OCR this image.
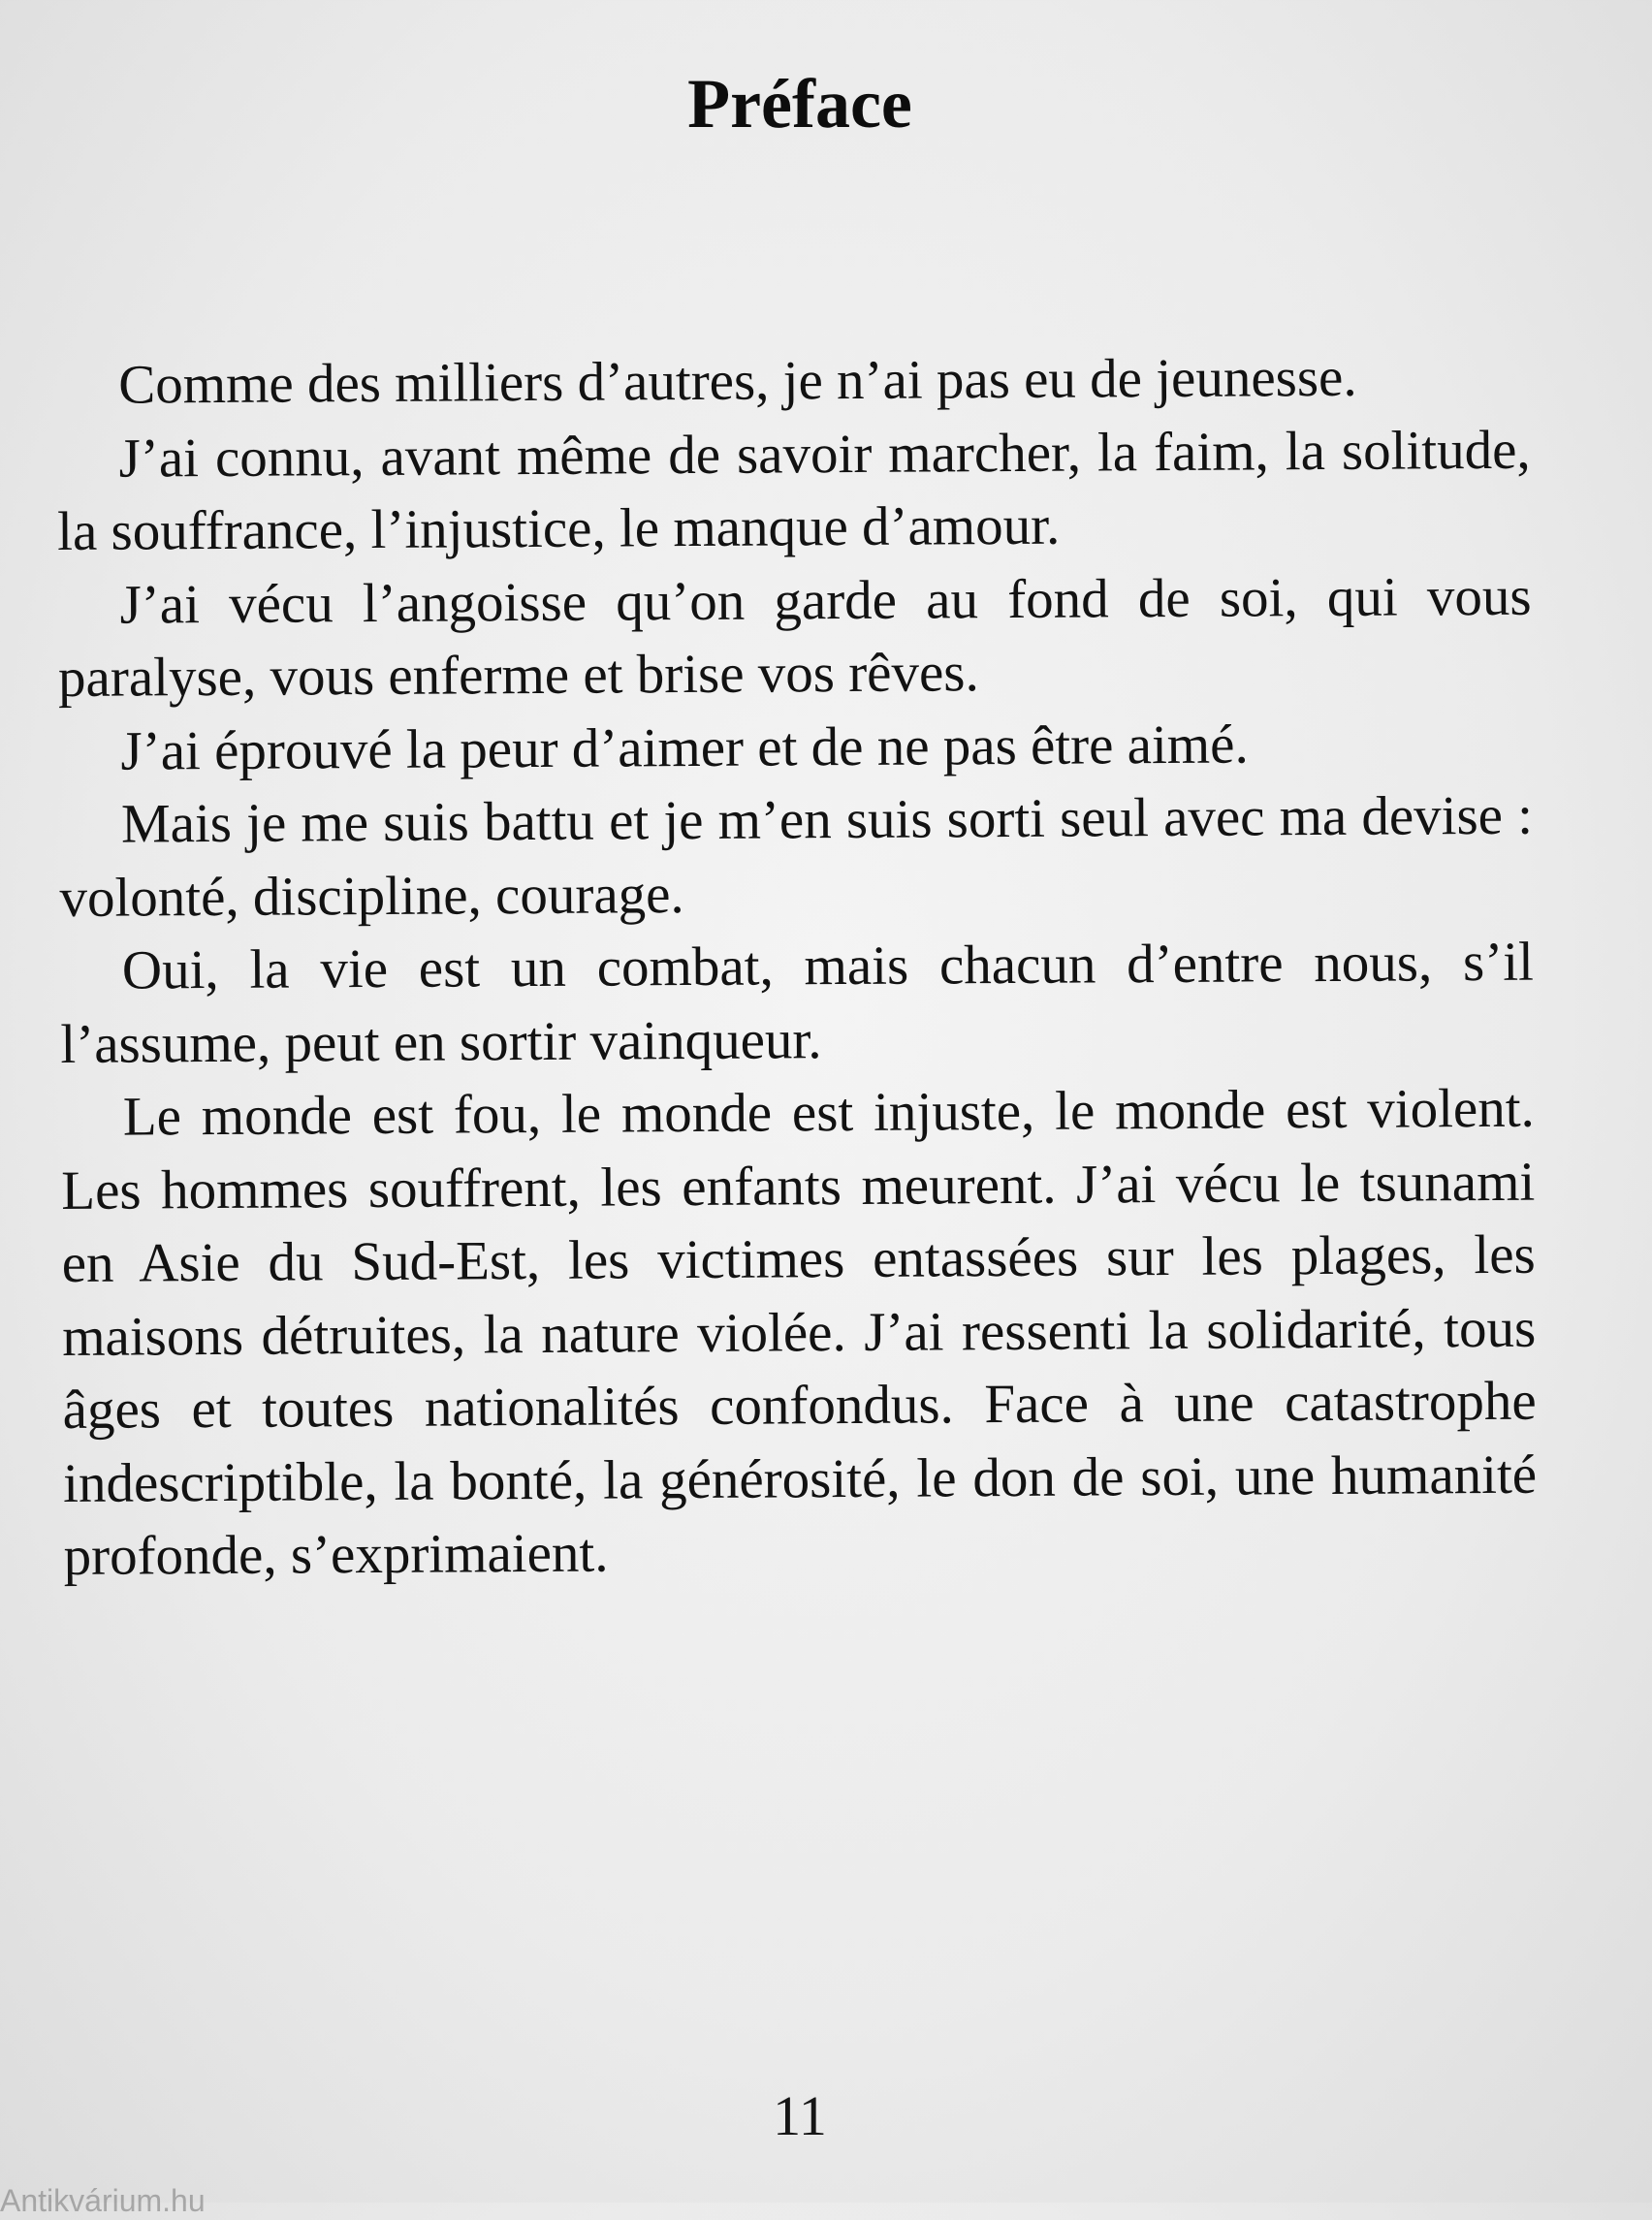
Préface

Comme des milliers d’autres, je n’ai pas eu de jeunesse.

J’ai connu, avant même de savoir marcher, la faim, la solitude, la souffrance, l’injustice, le manque d’amour.

J’ai vécu l’angoisse qu’on garde au fond de soi, qui vous paralyse, vous enferme et brise vos rêves.

J’ai éprouvé la peur d’aimer et de ne pas être aimé.

Mais je me suis battu et je m’en suis sorti seul avec ma devise : volonté, discipline, courage.

Oui, la vie est un combat, mais chacun d’entre nous, s’il l’assume, peut en sortir vainqueur.

Le monde est fou, le monde est injuste, le monde est violent. Les hommes souffrent, les enfants meurent. J’ai vécu le tsunami en Asie du Sud-Est, les victimes entassées sur les plages, les maisons détruites, la nature violée. J’ai ressenti la solidarité, tous âges et toutes nationalités confondus. Face à une catastrophe indescriptible, la bonté, la générosité, le don de soi, une humanité profonde, s’exprimaient.

11
Antikvárium.hu
